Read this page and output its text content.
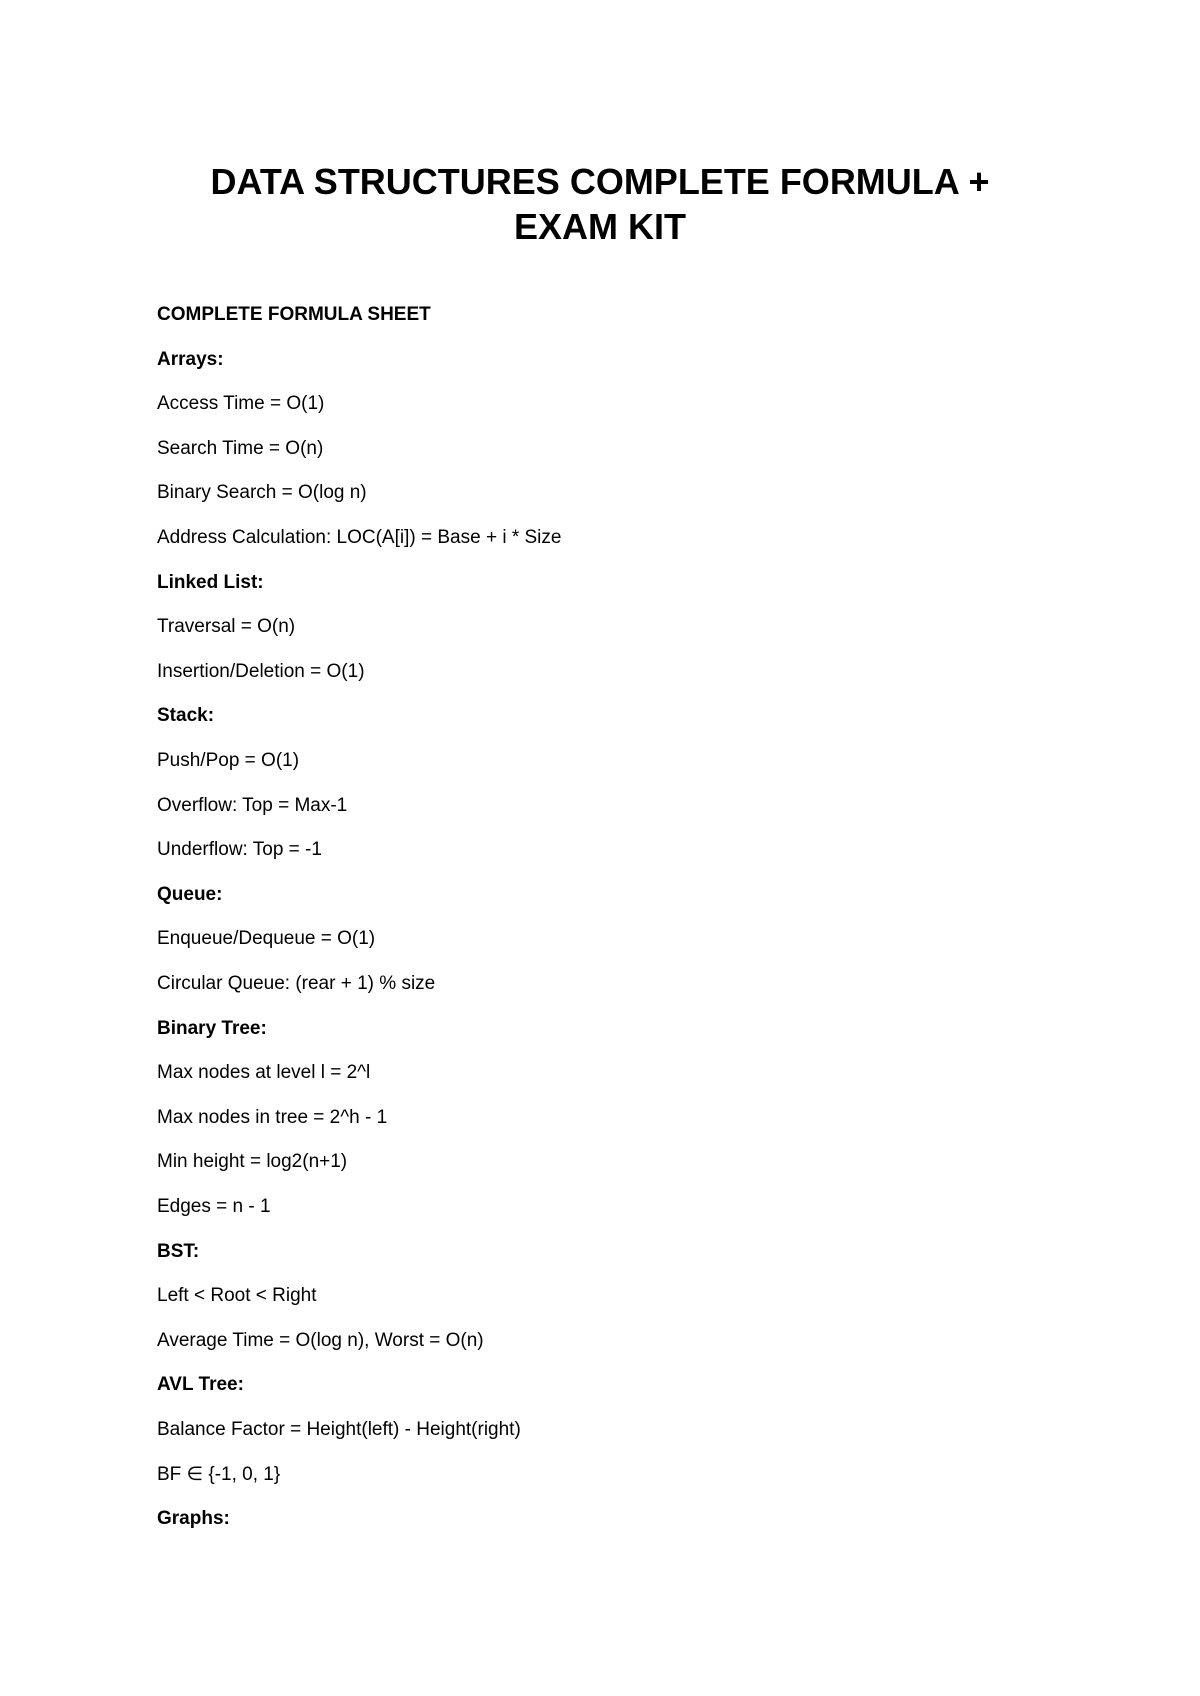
DATA STRUCTURES COMPLETE FORMULA +
EXAM KIT

COMPLETE FORMULA SHEET

Arrays:

Access Time = O(1)

Search Time = O(n)

Binary Search = O(log n)

Address Calculation: LOC(A[i]) = Base + i * Size

Linked List:

Traversal = O(n)

Insertion/Deletion = O(1)

Stack:

Push/Pop = O(1)

Overflow: Top = Max-1

Underflow: Top = -1

Queue:

Enqueue/Dequeue = O(1)

Circular Queue: (rear + 1) % size

Binary Tree:

Max nodes at level l = 2^l

Max nodes in tree = 2^h - 1

Min height = log2(n+1)

Edges = n - 1

BST:

Left < Root < Right

Average Time = O(log n), Worst = O(n)

AVL Tree:

Balance Factor = Height(left) - Height(right)

BF ∈ {-1, 0, 1}

Graphs:
